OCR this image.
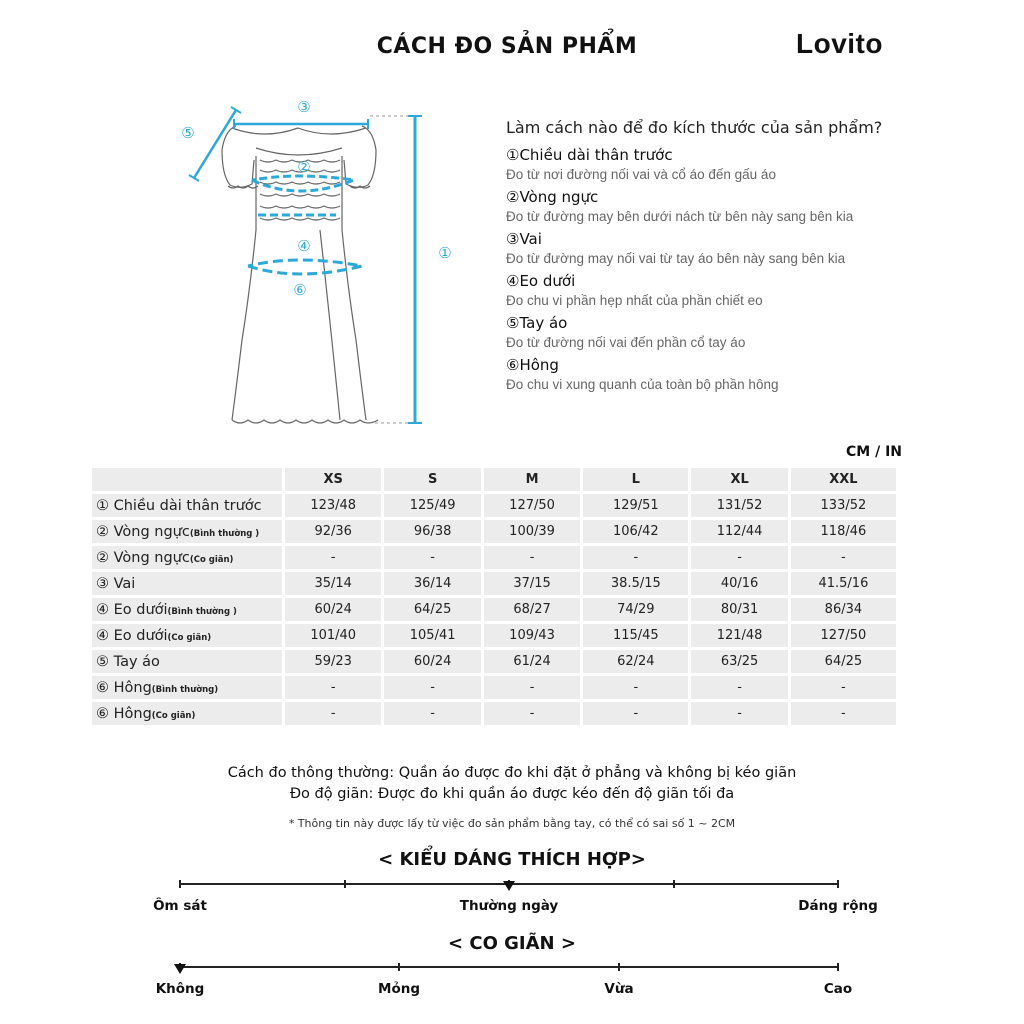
CÁCH ĐO SẢN PHẨM	Lovito
③
⑤
②
④
⑥
①
Làm cách nào để đo kích thước của sản phẩm?
①Chiều dài thân trước
Đo từ nơi đường nối vai và cổ áo đến gấu áo
②Vòng ngực
Đo từ đường may bên dưới nách từ bên này sang bên kia
③Vai
Đo từ đường may nối vai từ tay áo bên này sang bên kia
④Eo dưới
Đo chu vi phần hẹp nhất của phần chiết eo
⑤Tay áo
Đo từ đường nối vai đến phần cổ tay áo
⑥Hông
Đo chu vi xung quanh của toàn bộ phần hông
CM / IN
	XS	S	M	L	XL	XXL
① Chiều dài thân trước	123/48	125/49	127/50	129/51	131/52	133/52
② Vòng ngực(Bình thường )	92/36	96/38	100/39	106/42	112/44	118/46
② Vòng ngực(Co giãn)	-	-	-	-	-	-
③ Vai	35/14	36/14	37/15	38.5/15	40/16	41.5/16
④ Eo dưới(Bình thường )	60/24	64/25	68/27	74/29	80/31	86/34
④ Eo dưới(Co giãn)	101/40	105/41	109/43	115/45	121/48	127/50
⑤ Tay áo	59/23	60/24	61/24	62/24	63/25	64/25
⑥ Hông(Bình thường)	-	-	-	-	-	-
⑥ Hông(Co giãn)	-	-	-	-	-	-
Cách đo thông thường: Quần áo được đo khi đặt ở phẳng và không bị kéo giãn
Đo độ giãn: Được đo khi quần áo được kéo đến độ giãn tối đa
* Thông tin này được lấy từ việc đo sản phẩm bằng tay, có thể có sai số 1 ~ 2CM
< KIỂU DÁNG THÍCH HỢP>
Ôm sát	Thường ngày	Dáng rộng
< CO GIÃN >
Không	Mỏng	Vừa	Cao
